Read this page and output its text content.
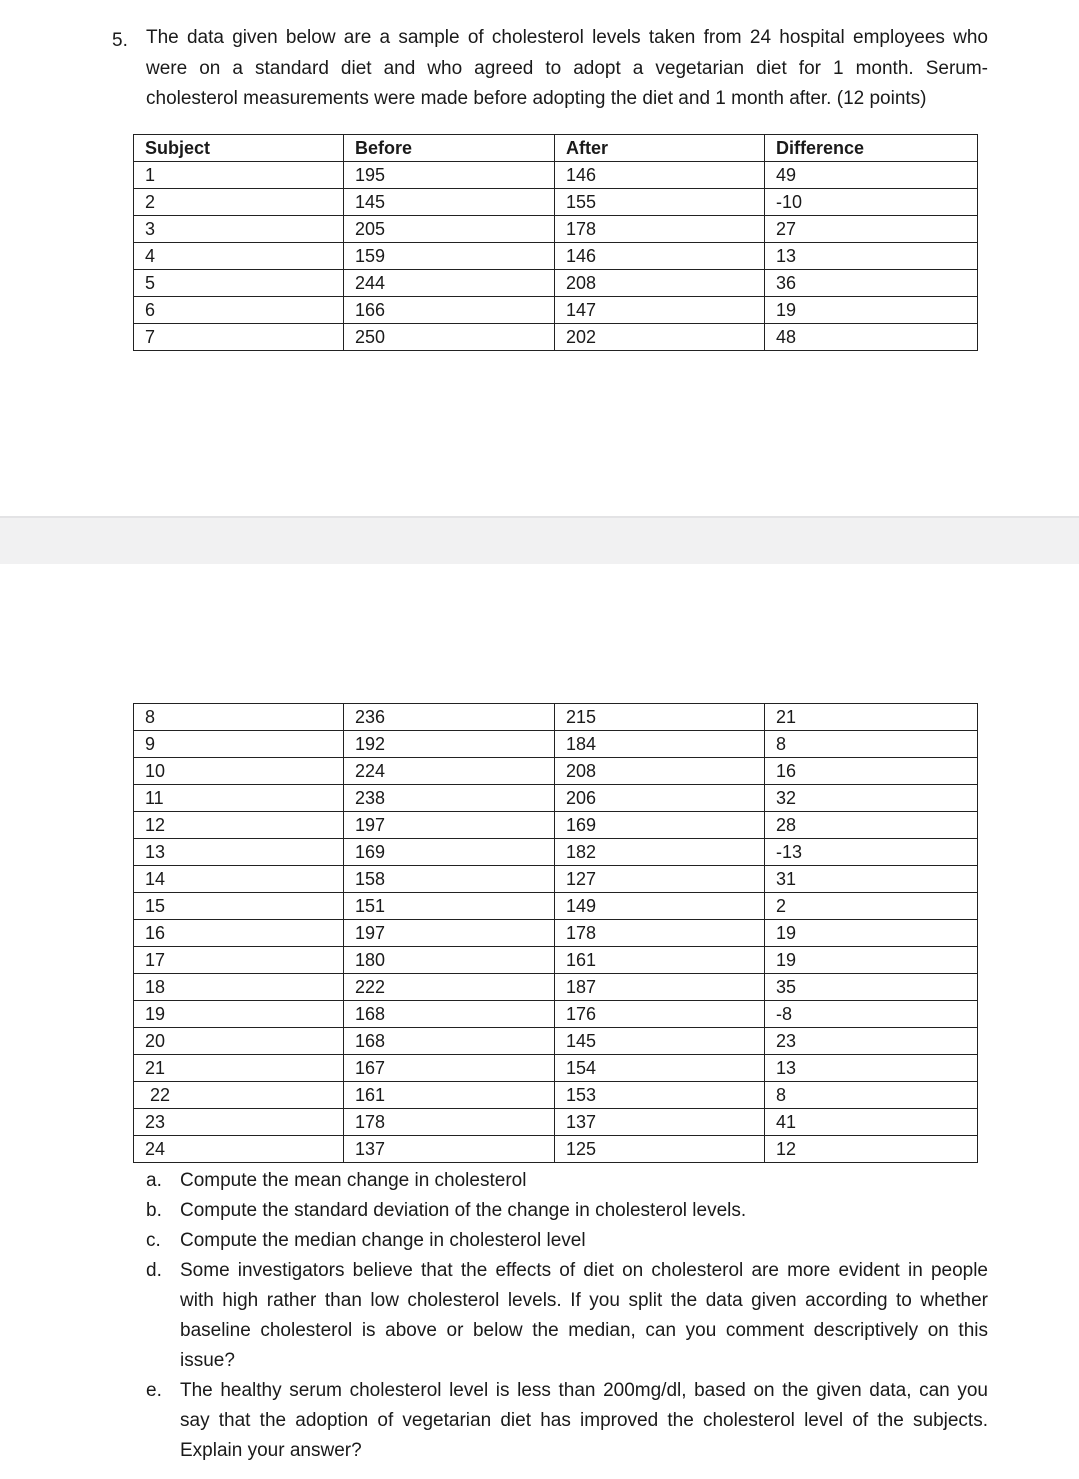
5. The data given below are a sample of cholesterol levels taken from 24 hospital employees who
were on a standard diet and who agreed to adopt a vegetarian diet for 1 month. Serum-
cholesterol measurements were made before adopting the diet and 1 month after. (12 points)
Subject	Before	After	Difference
1	195	146	49
2	145	155	-10
3	205	178	27
4	159	146	13
5	244	208	36
6	166	147	19
7	250	202	48
8	236	215	21
9	192	184	8
10	224	208	16
11	238	206	32
12	197	169	28
13	169	182	-13
14	158	127	31
15	151	149	2
16	197	178	19
17	180	161	19
18	222	187	35
19	168	176	-8
20	168	145	23
21	167	154	13
22	161	153	8
23	178	137	41
24	137	125	12
a. Compute the mean change in cholesterol
b. Compute the standard deviation of the change in cholesterol levels.
c. Compute the median change in cholesterol level
d. Some investigators believe that the effects of diet on cholesterol are more evident in people
with high rather than low cholesterol levels. If you split the data given according to whether
baseline cholesterol is above or below the median, can you comment descriptively on this
issue?
e. The healthy serum cholesterol level is less than 200mg/dl, based on the given data, can you
say that the adoption of vegetarian diet has improved the cholesterol level of the subjects.
Explain your answer?
